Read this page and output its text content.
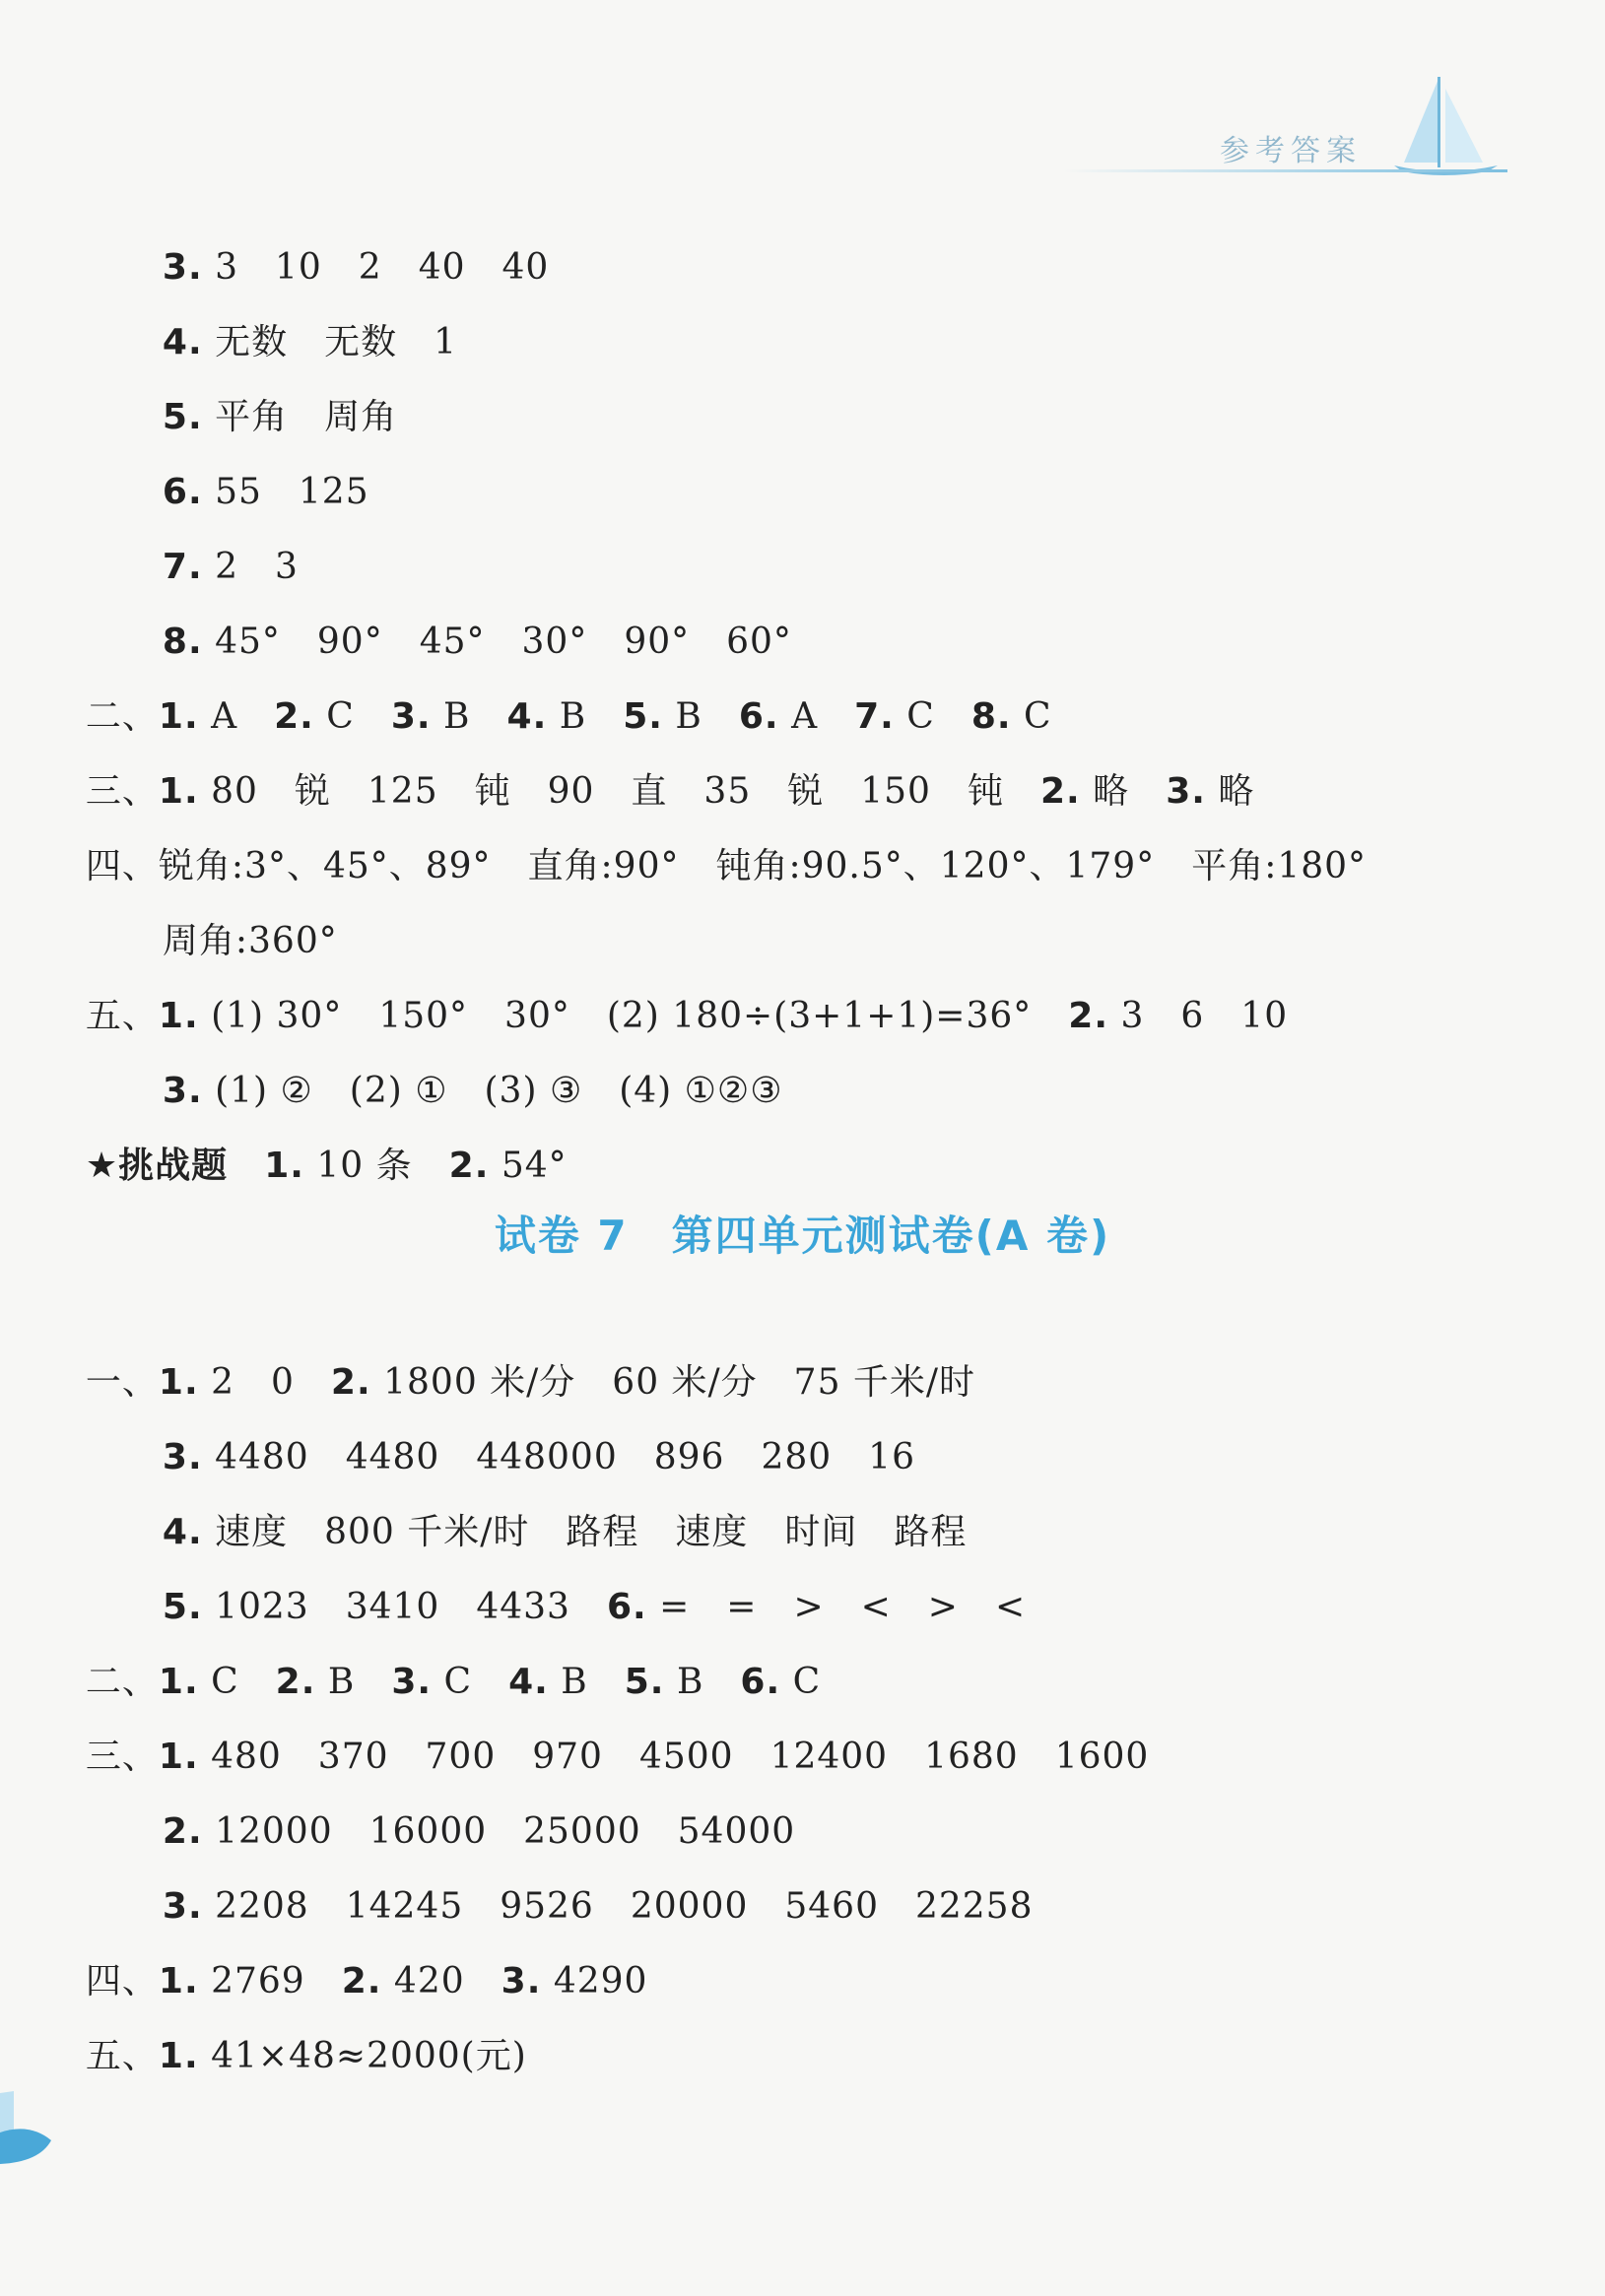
参考答案

3. 3　10　2　40　40

4. 无数　无数　1

5. 平角　周角

6. 55　125

7. 2　3

8. 45°　90°　45°　30°　90°　60°

二、1. A　 2. C　 3. B　 4. B　 5. B　 6. A　 7. C　 8. C

三、1. 80　锐　125　钝　90　直　35　锐　150　钝　 2. 略　 3. 略

四、锐角:3°、45°、89°　直角:90°　钝角:90.5°、120°、179°　平角:180°

周角:360°

五、1. (1) 30°　150°　30°　(2) 180÷(3+1+1)=36°　 2. 3　6　10

3. (1) ②　(2) ①　(3) ③　(4) ①②③

★挑战题　 1. 10 条　 2. 54°

试卷 7　第四单元测试卷(A 卷)

一、1. 2　0　 2. 1800 米/分　60 米/分　75 千米/时

3. 4480　4480　448000　896　280　16

4. 速度　800 千米/时　路程　速度　时间　路程

5. 1023　3410　4433　 6. =　=　>　<　>　<

二、1. C　 2. B　 3. C　 4. B　 5. B　 6. C

三、1. 480　370　700　970　4500　12400　1680　1600

2. 12000　16000　25000　54000

3. 2208　14245　9526　20000　5460　22258

四、1. 2769　 2. 420　 3. 4290

五、1. 41×48≈2000(元)
